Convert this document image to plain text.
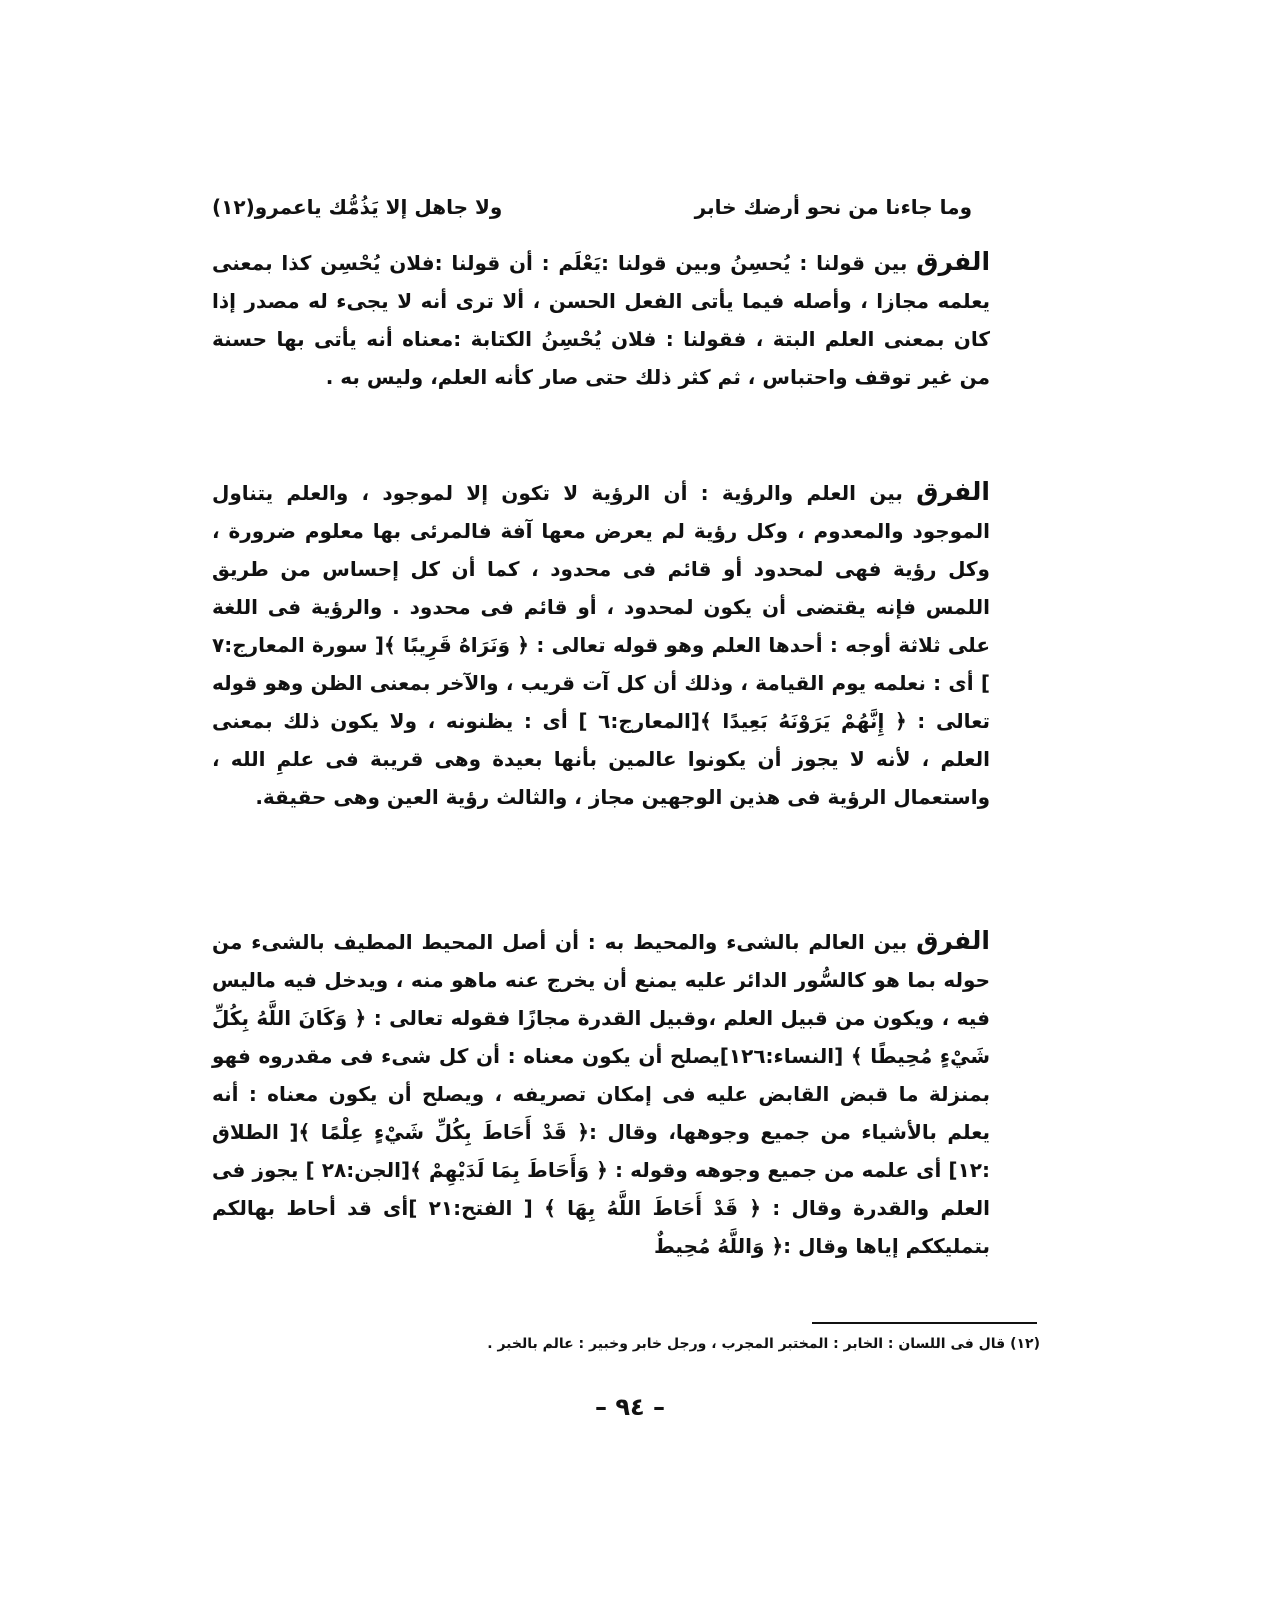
وما جاءنا من نحو أرضك خابر
ولا جاهل إلا يَذُمُّك ياعمرو(١٢)
الفرق بين قولنا : يُحسِنُ وبين قولنا :يَعْلَم : أن قولنا :فلان يُحْسِن كذا بمعنى يعلمه مجازا ، وأصله فيما يأتى الفعل الحسن ، ألا ترى أنه لا يجىء له مصدر إذا كان بمعنى العلم البتة ، فقولنا : فلان يُحْسِنُ الكتابة :معناه أنه يأتى بها حسنة من غير توقف واحتباس ، ثم كثر ذلك حتى صار كأنه العلم، وليس به .
الفرق بين العلم والرؤية : أن الرؤية لا تكون إلا لموجود ، والعلم يتناول الموجود والمعدوم ، وكل رؤية لم يعرض معها آفة فالمرئى بها معلوم ضرورة ، وكل رؤية فهى لمحدود أو قائم فى محدود ، كما أن كل إحساس من طريق اللمس فإنه يقتضى أن يكون لمحدود ، أو قائم فى محدود . والرؤية فى اللغة على ثلاثة أوجه : أحدها العلم وهو قوله تعالى : ﴿ وَنَرَاهُ قَرِيبًا ﴾[ سورة المعارج:٧ ] أى : نعلمه يوم القيامة ، وذلك أن كل آت قريب ، والآخر بمعنى الظن وهو قوله تعالى : ﴿ إِنَّهُمْ يَرَوْنَهُ بَعِيدًا ﴾[المعارج:٦ ] أى : يظنونه ، ولا يكون ذلك بمعنى العلم ، لأنه لا يجوز أن يكونوا عالمين بأنها بعيدة وهى قريبة فى علمِ الله ، واستعمال الرؤية فى هذين الوجهين مجاز ، والثالث رؤية العين وهى حقيقة.
الفرق بين العالم بالشىء والمحيط به : أن أصل المحيط المطيف بالشىء من حوله بما هو كالسُّور الدائر عليه يمنع أن يخرج عنه ماهو منه ، ويدخل فيه ماليس فيه ، ويكون من قبيل العلم ،وقبيل القدرة مجازًا فقوله تعالى : ﴿ وَكَانَ اللَّهُ بِكُلِّ شَيْءٍ مُحِيطًا ﴾ [النساء:١٢٦]يصلح أن يكون معناه : أن كل شىء فى مقدروه فهو بمنزلة ما قبض القابض عليه فى إمكان تصريفه ، ويصلح أن يكون معناه : أنه يعلم بالأشياء من جميع وجوهها، وقال :﴿ قَدْ أَحَاطَ بِكُلِّ شَيْءٍ عِلْمًا ﴾[ الطلاق :١٢] أى علمه من جميع وجوهه وقوله : ﴿ وَأَحَاطَ بِمَا لَدَيْهِمْ ﴾[الجن:٢٨ ] يجوز فى العلم والقدرة وقال : ﴿ قَدْ أَحَاطَ اللَّهُ بِهَا ﴾ [ الفتح:٢١ ]أى قد أحاط بهالكم بتمليككم إياها وقال :﴿ وَاللَّهُ مُحِيطٌ
(١٢) قال فى اللسان : الخابر : المختبر المجرب ، ورجل خابر وخبير : عالم بالخبر .
– ٩٤ –
